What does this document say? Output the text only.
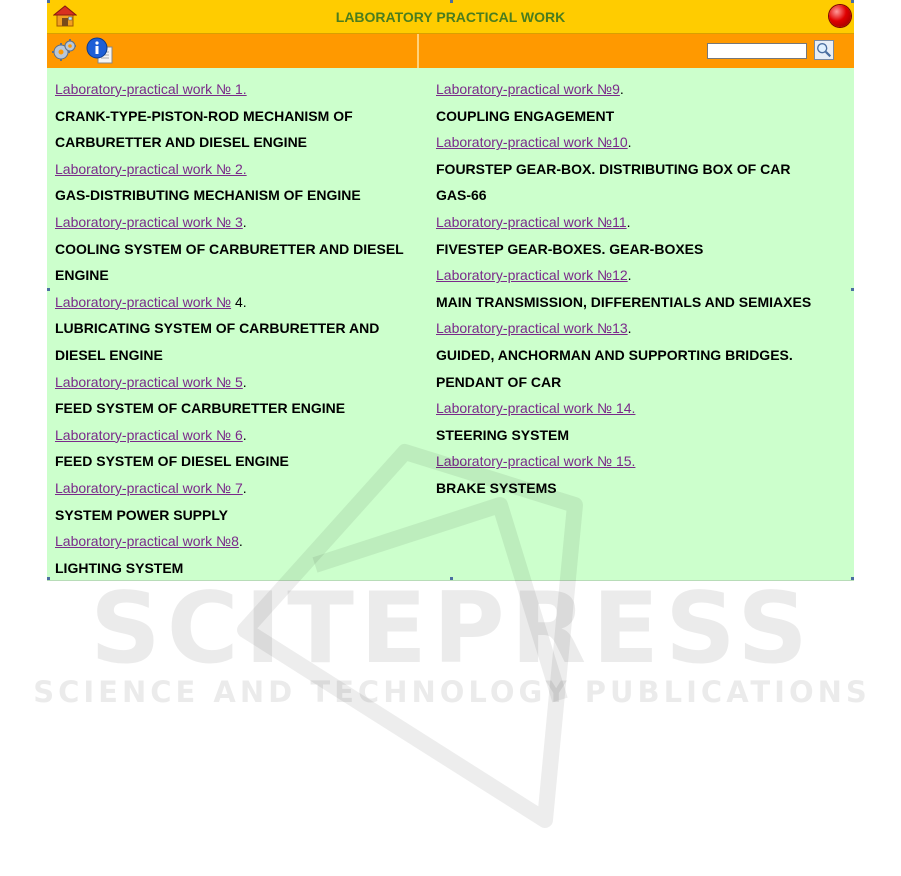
LABORATORY PRACTICAL WORK
Laboratory-practical work № 1.
CRANK-TYPE-PISTON-ROD MECHANISM OF
CARBURETTER AND DIESEL ENGINE
Laboratory-practical work № 2.
GAS-DISTRIBUTING MECHANISM OF ENGINE
Laboratory-practical work № 3.
COOLING SYSTEM OF CARBURETTER AND DIESEL
ENGINE
Laboratory-practical work № 4.
LUBRICATING SYSTEM OF CARBURETTER AND
DIESEL ENGINE
Laboratory-practical work № 5.
FEED SYSTEM OF CARBURETTER ENGINE
Laboratory-practical work № 6.
FEED SYSTEM OF DIESEL ENGINE
Laboratory-practical work № 7.
SYSTEM POWER SUPPLY
Laboratory-practical work №8.
LIGHTING SYSTEM
Laboratory-practical work №9.
COUPLING ENGAGEMENT
Laboratory-practical work №10.
FOURSTEP GEAR-BOX. DISTRIBUTING BOX OF CAR
GAS-66
Laboratory-practical work №11.
FIVESTEP GEAR-BOXES. GEAR-BOXES
Laboratory-practical work №12.
MAIN TRANSMISSION, DIFFERENTIALS AND SEMIAXES
Laboratory-practical work №13.
GUIDED, ANCHORMAN AND SUPPORTING BRIDGES.
PENDANT OF CAR
Laboratory-practical work № 14.
STEERING SYSTEM
Laboratory-practical work № 15.
BRAKE SYSTEMS
SCITEPRESS
SCIENCE AND TECHNOLOGY PUBLICATIONS
